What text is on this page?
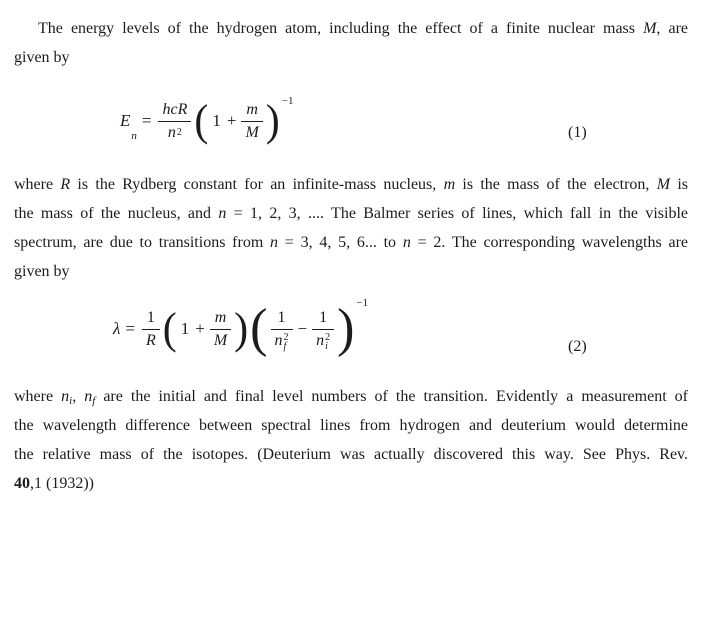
The energy levels of the hydrogen atom, including the effect of a finite nuclear mass M, are
given by
E
n
= $\frac{\text{hcR}}{n 2}$ ( $1 + \frac{m}{M}$ ) −1
(1)
where R is the Rydberg constant for an infinite-mass nucleus, m is the mass of the electron, M is
the mass of the nucleus, and n = 1, 2, 3, .... The Balmer series of lines, which fall in the visible
spectrum, are due to transitions from n = 3, 4, 5, 6... to n = 2. The corresponding wavelengths are
given by
$\lambda = \frac{1}{R}$ ( $1 + \frac{m}{M}$ ) ( 1
n 2
f − 1
n 2
i ) −1
(2)
where $n_i$, $n_f$ are the initial and final level numbers of the transition. Evidently a measurement of
the wavelength difference between spectral lines from hydrogen and deuterium would determine
the relative mass of the isotopes. (Deuterium was actually discovered this way. See Phys. Rev.
40,1 (1932))
